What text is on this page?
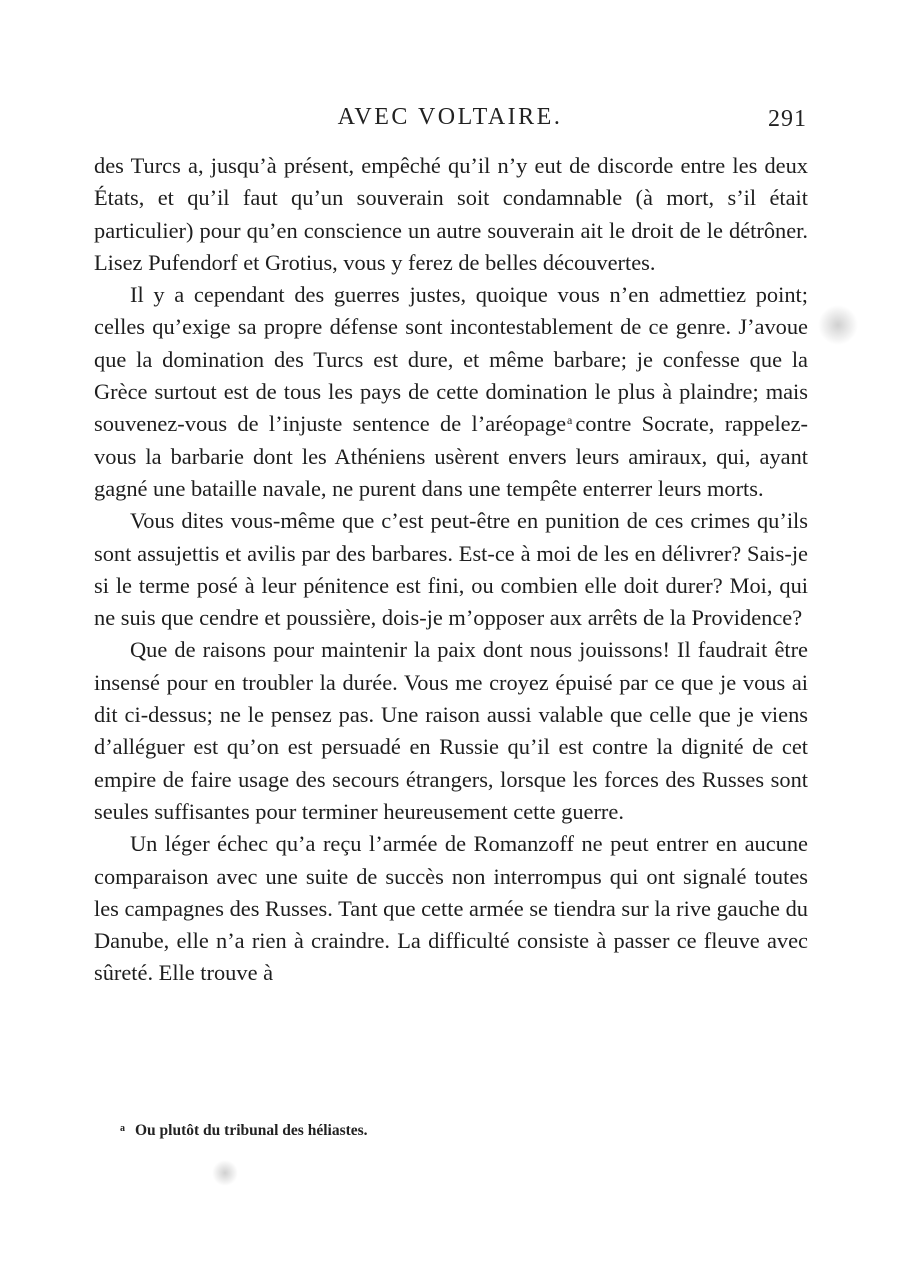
AVEC VOLTAIRE.	291

des Turcs a, jusqu’à présent, empêché qu’il n’y eut de discorde entre les deux États, et qu’il faut qu’un souverain soit condamnable (à mort, s’il était particulier) pour qu’en conscience un autre souverain ait le droit de le détrôner. Lisez Pufendorf et Grotius, vous y ferez de belles découvertes.

Il y a cependant des guerres justes, quoique vous n’en admettiez point; celles qu’exige sa propre défense sont incontestablement de ce genre. J’avoue que la domination des Turcs est dure, et même barbare; je confesse que la Grèce surtout est de tous les pays de cette domination le plus à plaindre; mais souvenez-vous de l’injuste sentence de l’aréopage$^a$ contre Socrate, rappelez-vous la barbarie dont les Athéniens usèrent envers leurs amiraux, qui, ayant gagné une bataille navale, ne purent dans une tempête enterrer leurs morts.

Vous dites vous-même que c’est peut-être en punition de ces crimes qu’ils sont assujettis et avilis par des barbares. Est-ce à moi de les en délivrer? Sais-je si le terme posé à leur pénitence est fini, ou combien elle doit durer? Moi, qui ne suis que cendre et poussière, dois-je m’opposer aux arrêts de la Providence?

Que de raisons pour maintenir la paix dont nous jouissons! Il faudrait être insensé pour en troubler la durée. Vous me croyez épuisé par ce que je vous ai dit ci-dessus; ne le pensez pas. Une raison aussi valable que celle que je viens d’alléguer est qu’on est persuadé en Russie qu’il est contre la dignité de cet empire de faire usage des secours étrangers, lorsque les forces des Russes sont seules suffisantes pour terminer heureusement cette guerre.

Un léger échec qu’a reçu l’armée de Romanzoff ne peut entrer en aucune comparaison avec une suite de succès non interrompus qui ont signalé toutes les campagnes des Russes. Tant que cette armée se tiendra sur la rive gauche du Danube, elle n’a rien à craindre. La difficulté consiste à passer ce fleuve avec sûreté. Elle trouve à

$^a$ Ou plutôt du tribunal des héliastes.
